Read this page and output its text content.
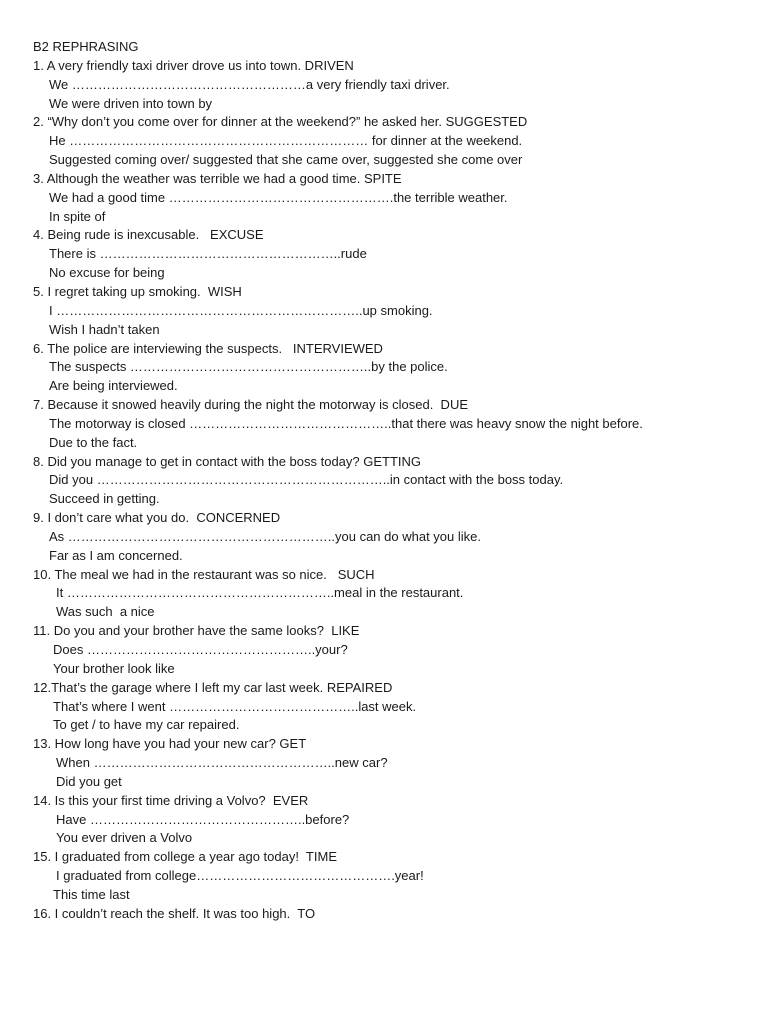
B2 REPHRASING
1. A very friendly taxi driver drove us into town. DRIVEN
We ………………………………………………a very friendly taxi driver.
We were driven into town by
2. “Why don’t you come over for dinner at the weekend?” he asked her. SUGGESTED
He …………………………………………………………… for dinner at the weekend.
Suggested coming over/ suggested that she came over, suggested she come over
3. Although the weather was terrible we had a good time. SPITE
We had a good time …………………………………………….the terrible weather.
In spite of
4. Being rude is inexcusable.   EXCUSE
There is ………………………………………………..rude
No excuse for being
5. I regret taking up smoking.  WISH
I ……………………………………………………………..up smoking.
Wish I hadn’t taken
6. The police are interviewing the suspects.   INTERVIEWED
The suspects ………………………………………………..by the police.
Are being interviewed.
7. Because it snowed heavily during the night the motorway is closed.  DUE
The motorway is closed ………………………………………..that there was heavy snow the night before.
Due to the fact.
8. Did you manage to get in contact with the boss today? GETTING
Did you …………………………………………………………..in contact with the boss today.
Succeed in getting.
9. I don’t care what you do.  CONCERNED
As ……………………………………………………..you can do what you like.
Far as I am concerned.
10. The meal we had in the restaurant was so nice.   SUCH
It ……………………………………………………..meal in the restaurant.
Was such  a nice
11. Do you and your brother have the same looks?  LIKE
Does ……………………………………………..your?
Your brother look like
12.That’s the garage where I left my car last week. REPAIRED
That’s where I went ……………………………………..last week.
To get / to have my car repaired.
13. How long have you had your new car? GET
When ………………………………………………..new car?
Did you get
14. Is this your first time driving a Volvo?  EVER
Have …………………………………………..before?
You ever driven a Volvo
15. I graduated from college a year ago today!  TIME
I graduated from college……………………………………….year!
This time last
16. I couldn’t reach the shelf. It was too high.  TO
